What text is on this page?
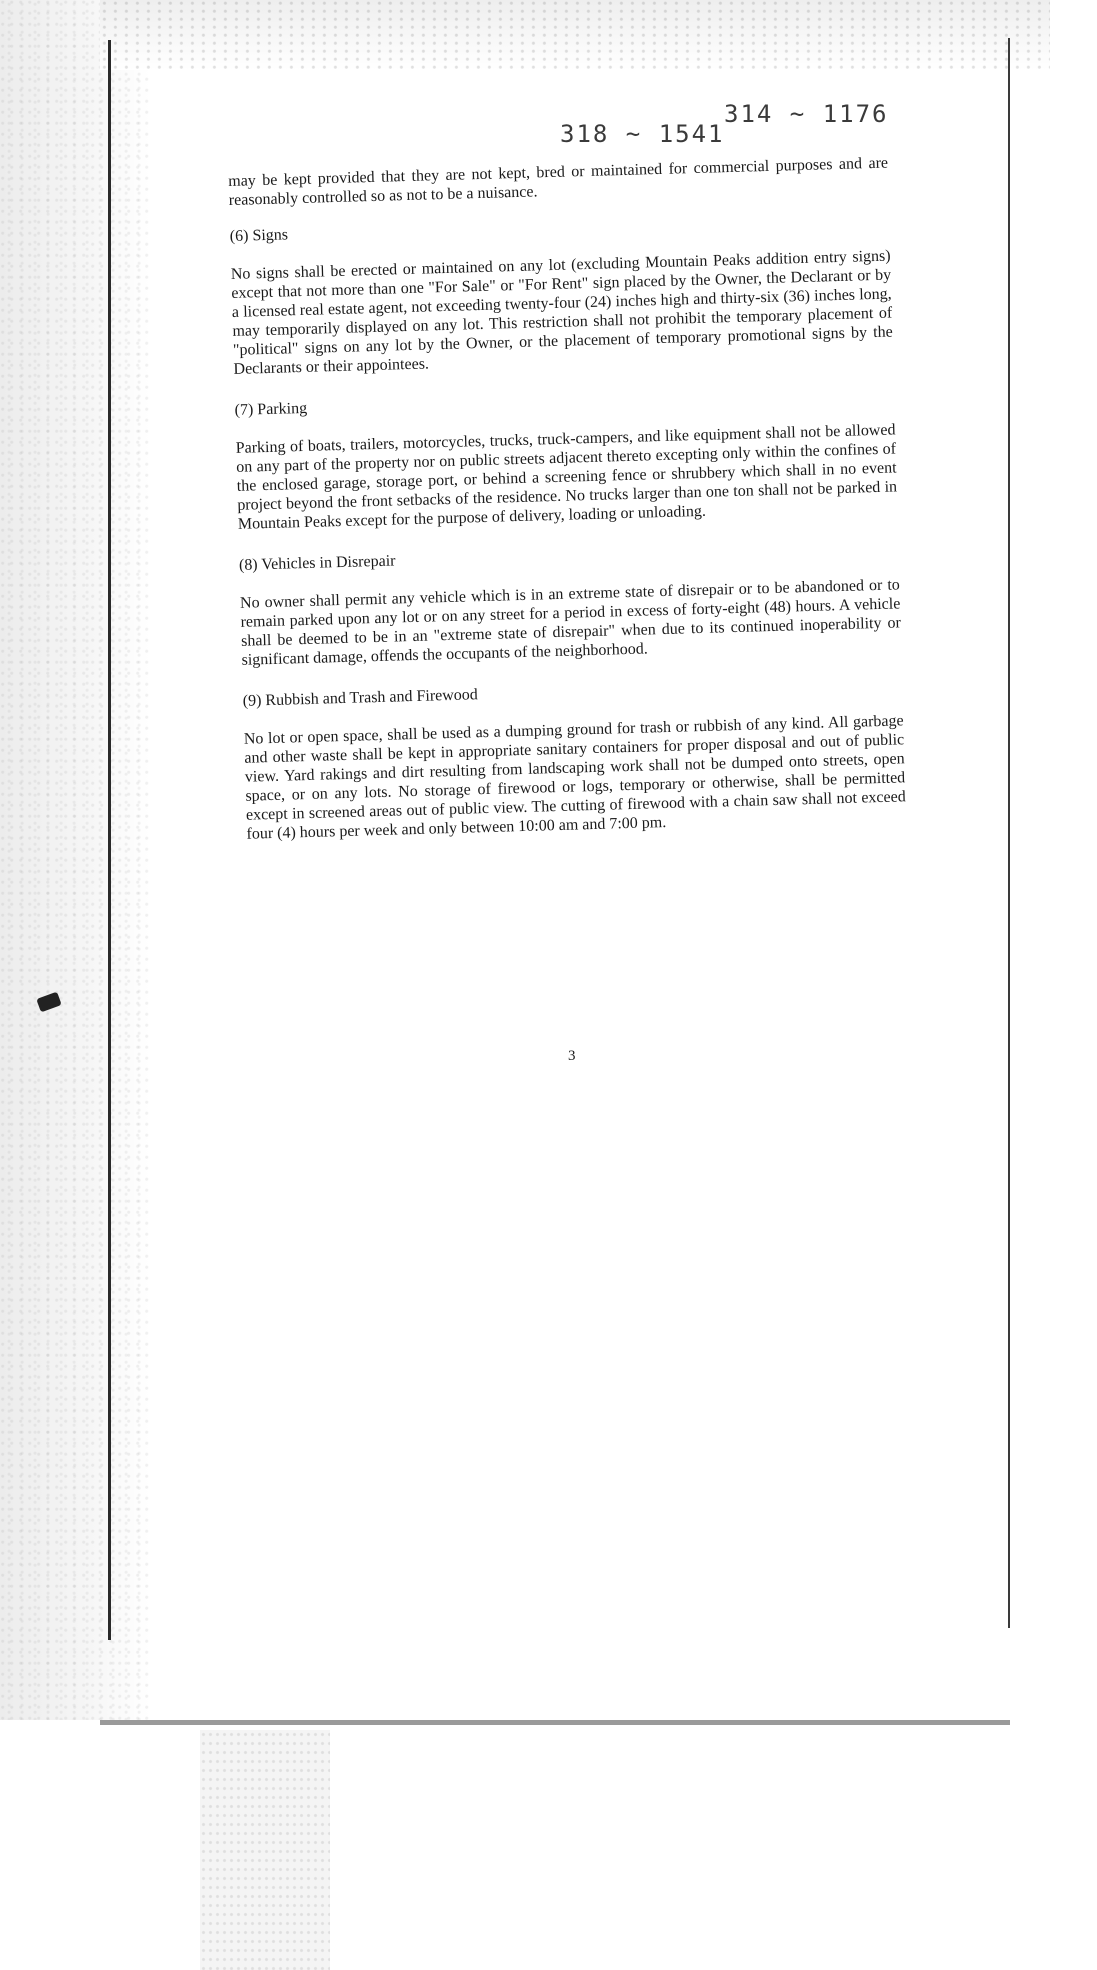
318 ~ 1541
314 ~ 1176

may be kept provided that they are not kept, bred or maintained for commercial purposes and are reasonably controlled so as not to be a nuisance.

(6) Signs

No signs shall be erected or maintained on any lot (excluding Mountain Peaks addition entry signs) except that not more than one "For Sale" or "For Rent" sign placed by the Owner, the Declarant or by a licensed real estate agent, not exceeding twenty-four (24) inches high and thirty-six (36) inches long, may temporarily displayed on any lot. This restriction shall not prohibit the temporary placement of "political" signs on any lot by the Owner, or the placement of temporary promotional signs by the Declarants or their appointees.

(7) Parking

Parking of boats, trailers, motorcycles, trucks, truck-campers, and like equipment shall not be allowed on any part of the property nor on public streets adjacent thereto excepting only within the confines of the enclosed garage, storage port, or behind a screening fence or shrubbery which shall in no event project beyond the front setbacks of the residence. No trucks larger than one ton shall not be parked in Mountain Peaks except for the purpose of delivery, loading or unloading.

(8) Vehicles in Disrepair

No owner shall permit any vehicle which is in an extreme state of disrepair or to be abandoned or to remain parked upon any lot or on any street for a period in excess of forty-eight (48) hours. A vehicle shall be deemed to be in an "extreme state of disrepair" when due to its continued inoperability or significant damage, offends the occupants of the neighborhood.

(9) Rubbish and Trash and Firewood

No lot or open space, shall be used as a dumping ground for trash or rubbish of any kind. All garbage and other waste shall be kept in appropriate sanitary containers for proper disposal and out of public view. Yard rakings and dirt resulting from landscaping work shall not be dumped onto streets, open space, or on any lots. No storage of firewood or logs, temporary or otherwise, shall be permitted except in screened areas out of public view. The cutting of firewood with a chain saw shall not exceed four (4) hours per week and only between 10:00 am and 7:00 pm.

3
